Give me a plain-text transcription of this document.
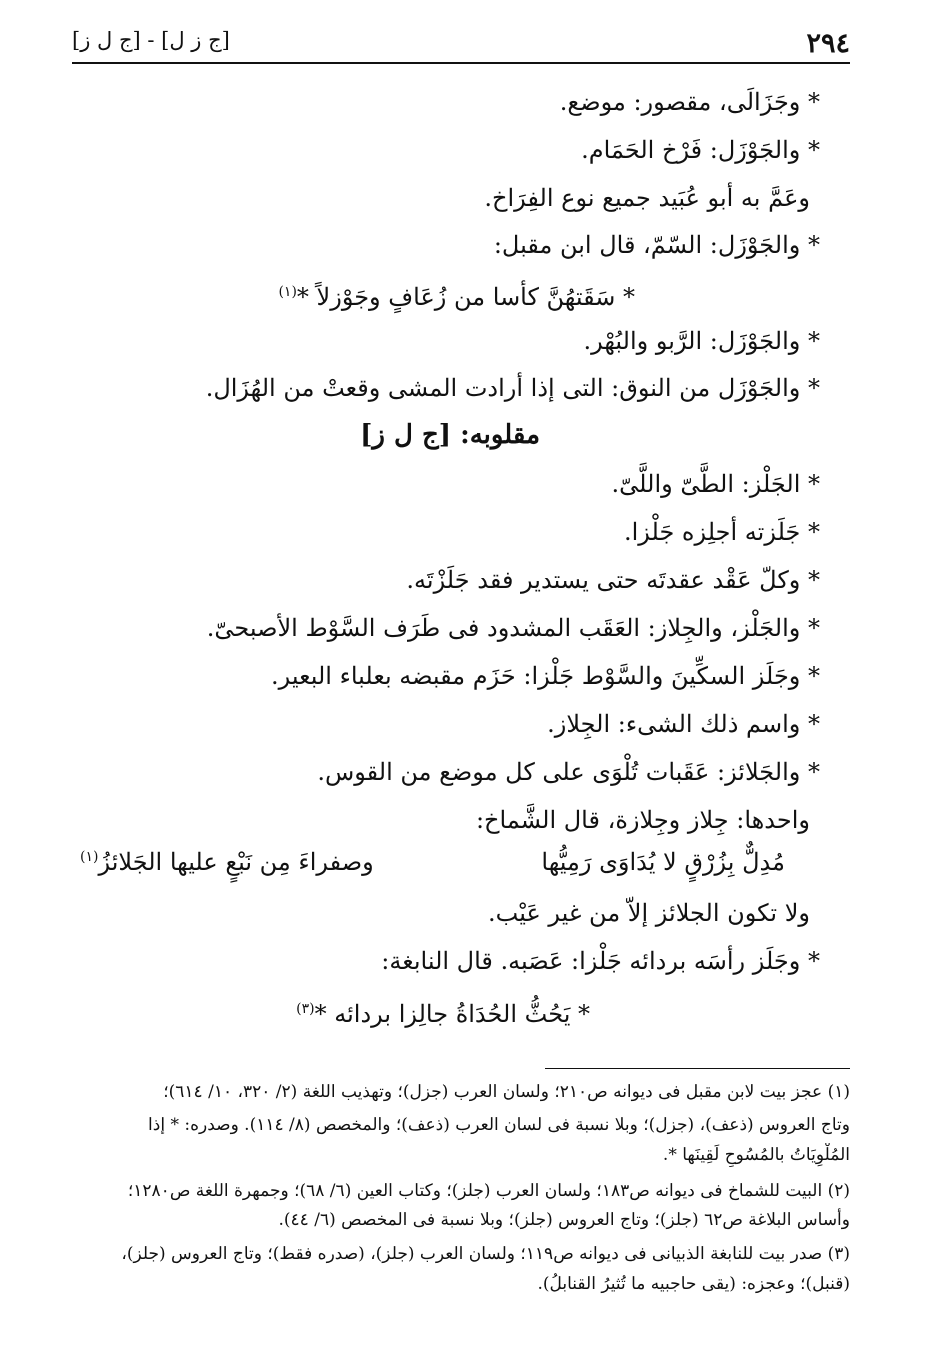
٢٩٤
[ج ز ل] - [ج ل ز]
* وجَزَالَى، مقصور: موضع.
* والجَوْزَل: فَرْخ الحَمَام.
وعَمَّ به أبو عُبَيد جميع نوع الفِرَاخ.
* والجَوْزَل: السّمّ، قال ابن مقبل:
* سَقَتهُنَّ كأسا من زُعَافٍ وجَوْزلاً *$^{(١)}$
* والجَوْزَل: الرَّبو والبُهْر.
* والجَوْزَل من النوق: التى إذا أرادت المشى وقعتْ من الهُزَال.
مقلوبه: [ج ل ز]
* الجَلْز: الطَّىّ واللَّىّ.
* جَلَزته أجلِزه جَلْزا.
* وكلّ عَقْد عقدتَه حتى يستدير فقد جَلَزْتَه.
* والجَلْز، والجِلاز: العَقَب المشدود فى طَرَف السَّوْط الأصبحىّ.
* وجَلَز السكِّينَ والسَّوْط جَلْزا: حَزَم مقبضه بعلباء البعير.
* واسم ذلك الشىء: الجِلاز.
* والجَلائز: عَقَبات تُلْوَى على كل موضع من القوس.
واحدها: جِلاز وجِلازة، قال الشَّماخ:
مُدِلٌّ بِزُرْقٍ لا يُدَاوَى رَمِيُّها
وصفراءَ مِن نَبْعٍ عليها الجَلائزُ$^{(١)}$
ولا تكون الجلائز إلاّ من غير عَيْب.
* وجَلَز رأسَه بردائه جَلْزا: عَصَبه. قال النابغة:
* يَحُثُّ الحُدَاةُ جالِزا بردائه *$^{(٣)}$
(١) عجز بيت لابن مقبل فى ديوانه ص٢١٠؛ ولسان العرب (جزل)؛ وتهذيب اللغة (٢/ ٣٢٠، ١٠/ ٦١٤)؛
وتاج العروس (ذعف)، (جزل)؛ وبلا نسبة فى لسان العرب (ذعف)؛ والمخصص (٨/ ١١٤). وصدره: * إذا
المُلْوِيَاتُ بالمُسُوحِ لَقِينَها *.
(٢) البيت للشماخ فى ديوانه ص١٨٣؛ ولسان العرب (جلز)؛ وكتاب العين (٦/ ٦٨)؛ وجمهرة اللغة ص١٢٨٠؛
وأساس البلاغة ص٦٢ (جلز)؛ وتاج العروس (جلز)؛ وبلا نسبة فى المخصص (٦/ ٤٤).
(٣) صدر بيت للنابغة الذبيانى فى ديوانه ص١١٩؛ ولسان العرب (جلز)، (صدره فقط)؛ وتاج العروس (جلز)،
(قنبل)؛ وعجزه: (يقى حاجبيه ما تُثيرُ القنابلُ).
